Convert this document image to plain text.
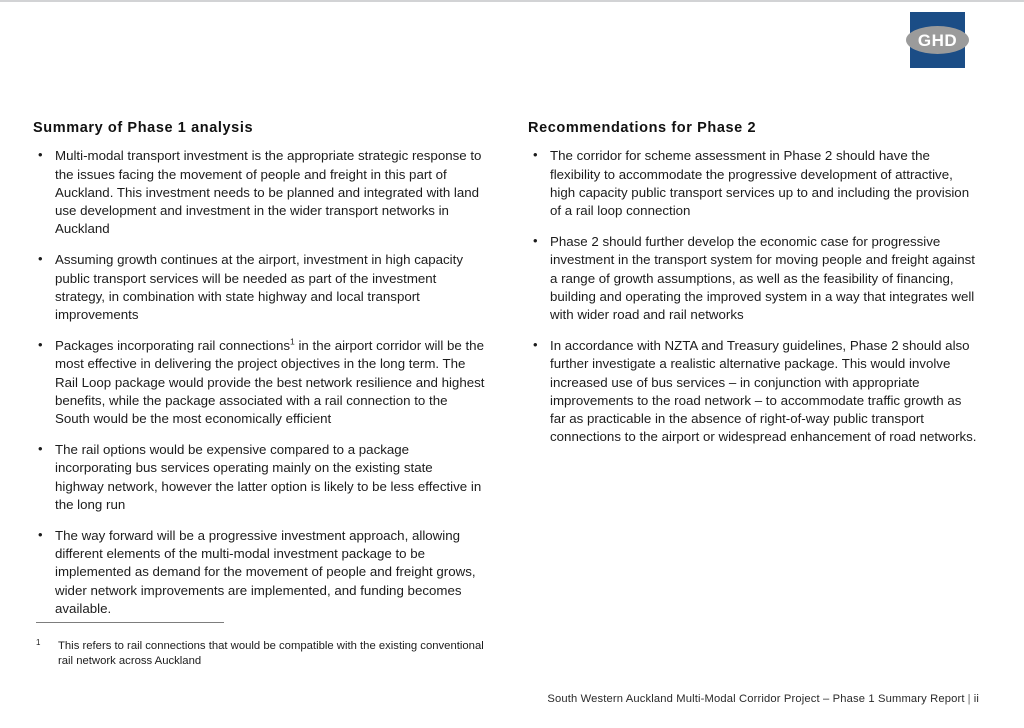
GHD
Summary of Phase 1 analysis
• Multi-modal transport investment is the appropriate strategic response to the issues facing the movement of people and freight in this part of Auckland. This investment needs to be planned and integrated with land use development and investment in the wider transport networks in Auckland
• Assuming growth continues at the airport, investment in high capacity public transport services will be needed as part of the investment strategy, in combination with state highway and local transport improvements
• Packages incorporating rail connections$^1$ in the airport corridor will be the most effective in delivering the project objectives in the long term. The Rail Loop package would provide the best network resilience and highest benefits, while the package associated with a rail connection to the South would be the most economically efficient
• The rail options would be expensive compared to a package incorporating bus services operating mainly on the existing state highway network, however the latter option is likely to be less effective in the long run
• The way forward will be a progressive investment approach, allowing different elements of the multi-modal investment package to be implemented as demand for the movement of people and freight grows, wider network improvements are implemented, and funding becomes available.
Recommendations for Phase 2
• The corridor for scheme assessment in Phase 2 should have the flexibility to accommodate the progressive development of attractive, high capacity public transport services up to and including the provision of a rail loop connection
• Phase 2 should further develop the economic case for progressive investment in the transport system for moving people and freight against a range of growth assumptions, as well as the feasibility of financing, building and operating the improved system in a way that integrates well with wider road and rail networks
• In accordance with NZTA and Treasury guidelines, Phase 2 should also further investigate a realistic alternative package. This would involve increased use of bus services – in conjunction with appropriate improvements to the road network – to accommodate traffic growth as far as practicable in the absence of right-of-way public transport connections to the airport or widespread enhancement of road networks.
1 This refers to rail connections that would be compatible with the existing conventional rail network across Auckland
South Western Auckland Multi-Modal Corridor Project – Phase 1 Summary Report | ii
